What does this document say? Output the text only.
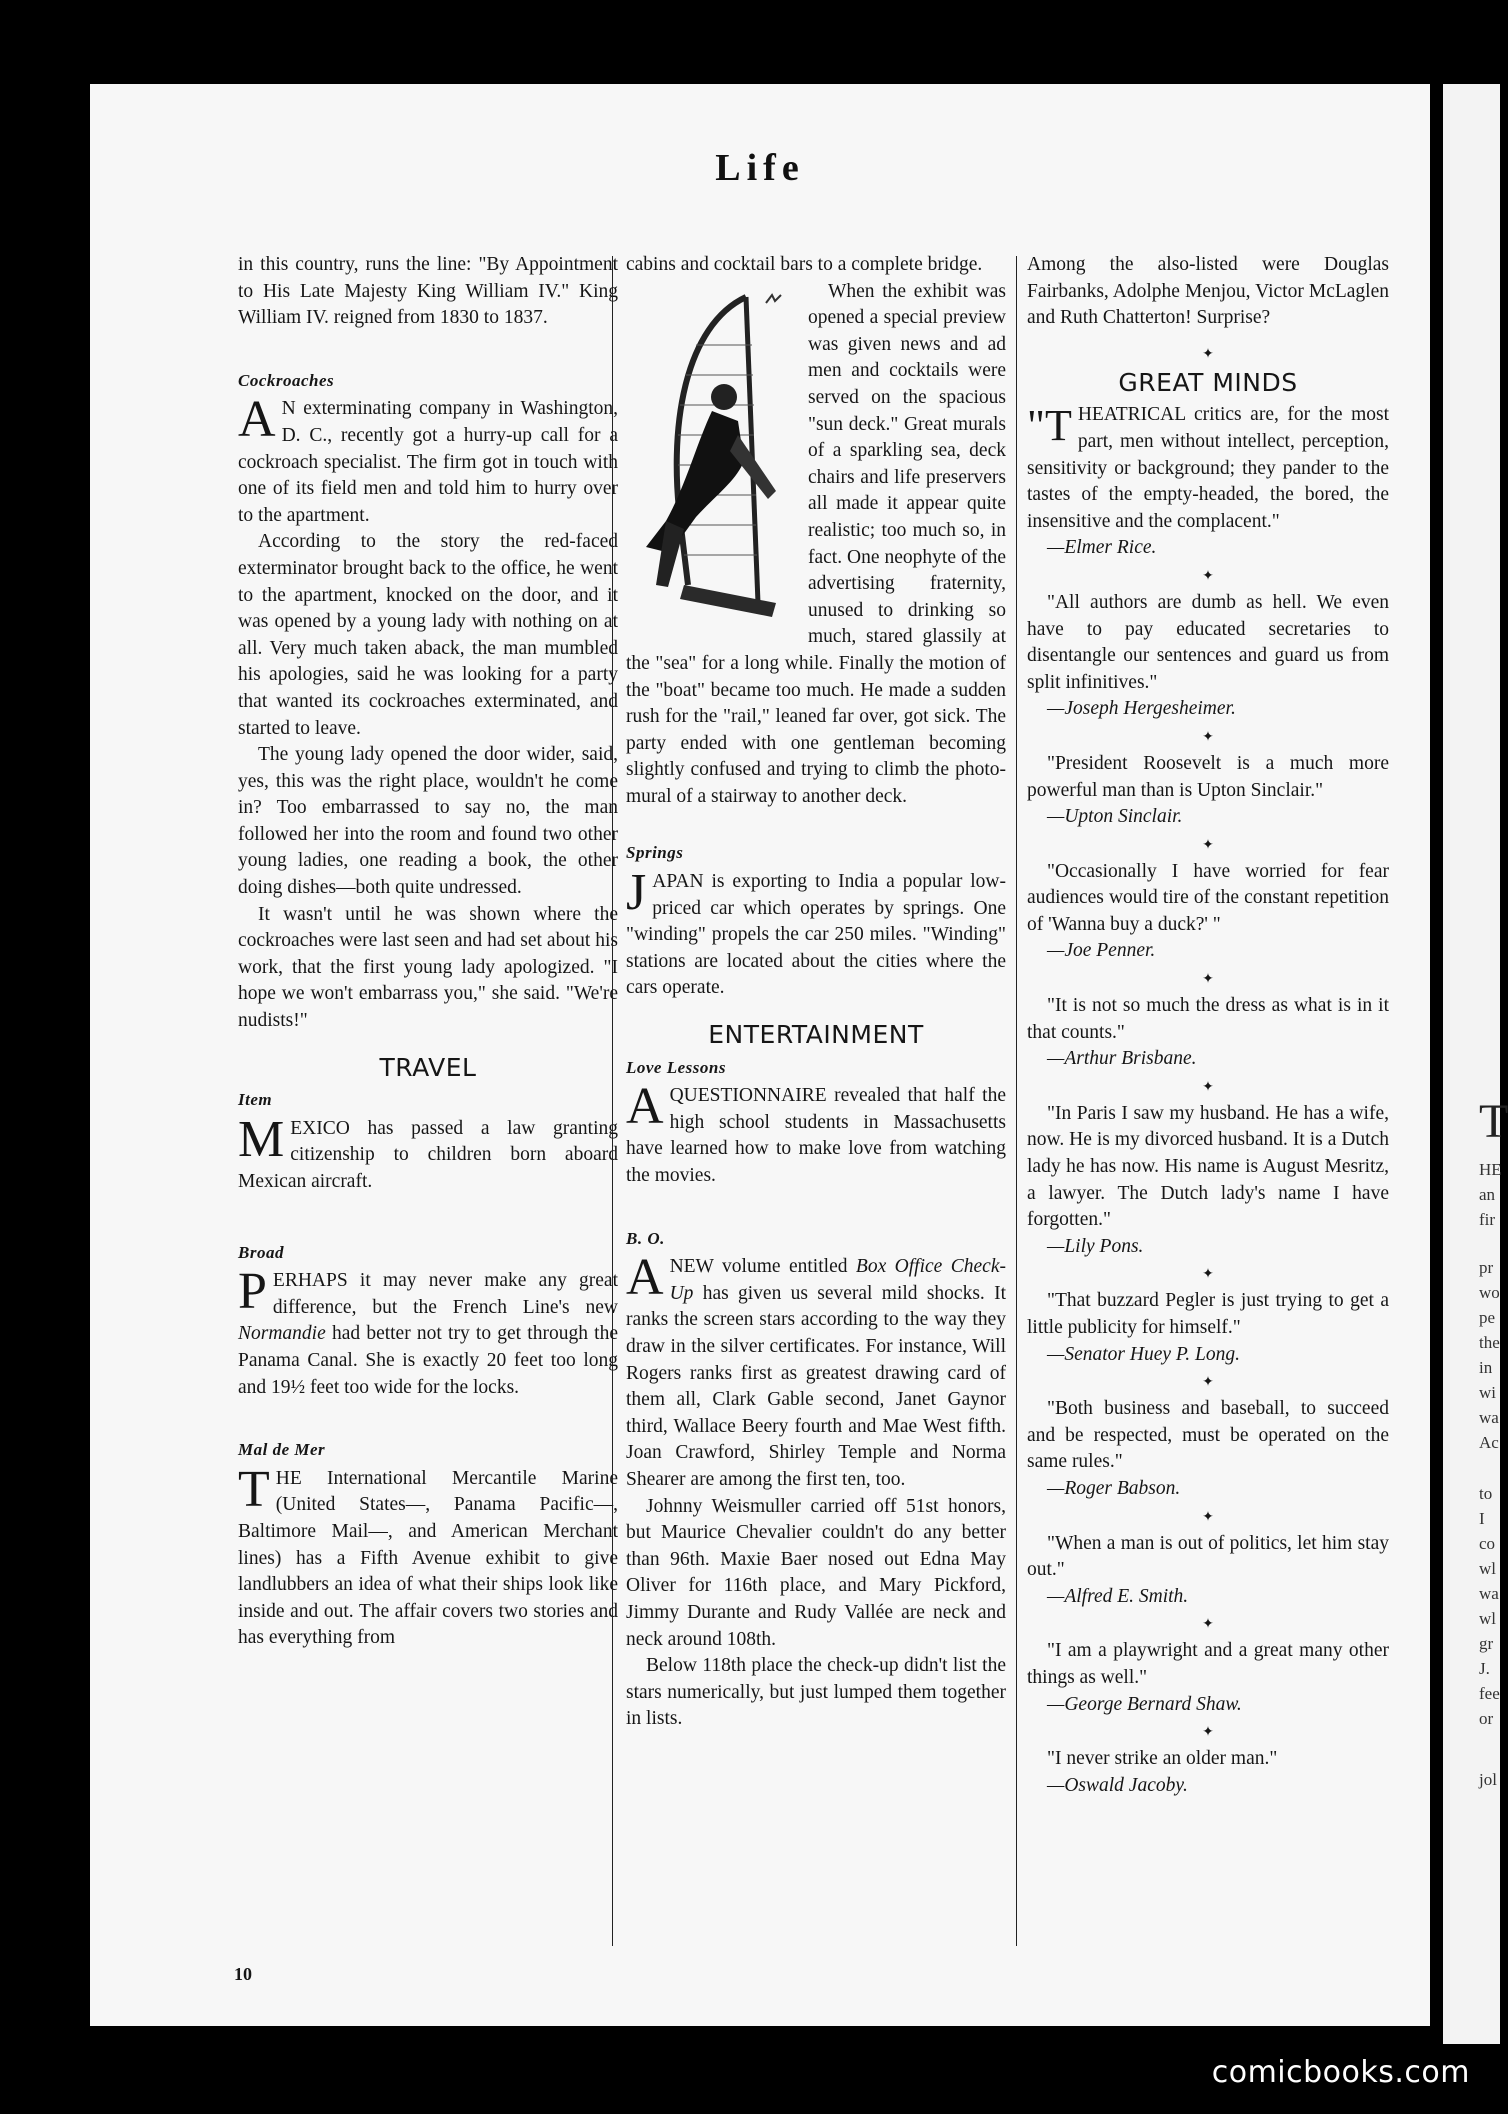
Life

in this country, runs the line: "By Appointment to His Late Majesty King William IV." King William IV. reigned from 1830 to 1837.

Cockroaches

A N exterminating company in Washington, D. C., recently got a hurry-up call for a cockroach specialist. The firm got in touch with one of its field men and told him to hurry over to the apartment.

According to the story the red-faced exterminator brought back to the office, he went to the apartment, knocked on the door, and it was opened by a young lady with nothing on at all. Very much taken aback, the man mumbled his apologies, said he was looking for a party that wanted its cockroaches exterminated, and started to leave.

The young lady opened the door wider, said, yes, this was the right place, wouldn't he come in? Too embarrassed to say no, the man followed her into the room and found two other young ladies, one reading a book, the other doing dishes—both quite undressed.

It wasn't until he was shown where the cockroaches were last seen and had set about his work, that the first young lady apologized. "I hope we won't embarrass you," she said. "We're nudists!"

TRAVEL
Item

MEXICO has passed a law granting citizenship to children born aboard Mexican aircraft.

Broad

PERHAPS it may never make any great difference, but the French Line's new Normandie had better not try to get through the Panama Canal. She is exactly 20 feet too long and 19½ feet too wide for the locks.

Mal de Mer

THE International Mercantile Marine (United States—, Panama Pacific—, Baltimore Mail—, and American Merchant lines) has a Fifth Avenue exhibit to give landlubbers an idea of what their ships look like inside and out. The affair covers two stories and has everything from

cabins and cocktail bars to a complete bridge.

When the exhibit was opened a special preview was given news and ad men and cocktails were served on the spacious "sun deck." Great murals of a sparkling sea, deck chairs and life preservers all made it appear quite realistic; too much so, in fact. One neophyte of the advertising fraternity, unused to drinking so much, stared glassily at the "sea" for a long while. Finally the motion of the "boat" became too much. He made a sudden rush for the "rail," leaned far over, got sick. The party ended with one gentleman becoming slightly confused and trying to climb the photo-mural of a stairway to another deck.

Springs

JAPAN is exporting to India a popular low-priced car which operates by springs. One "winding" propels the car 250 miles. "Winding" stations are located about the cities where the cars operate.

ENTERTAINMENT
Love Lessons

AQUESTIONNAIRE revealed that half the high school students in Massachusetts have learned how to make love from watching the movies.

B. O.

ANEW volume entitled Box Office Check-Up has given us several mild shocks. It ranks the screen stars according to the way they draw in the silver certificates. For instance, Will Rogers ranks first as greatest drawing card of them all, Clark Gable second, Janet Gaynor third, Wallace Beery fourth and Mae West fifth. Joan Crawford, Shirley Temple and Norma Shearer are among the first ten, too.

Johnny Weismuller carried off 51st honors, but Maurice Chevalier couldn't do any better than 96th. Maxie Baer nosed out Edna May Oliver for 116th place, and Mary Pickford, Jimmy Durante and Rudy Vallée are neck and neck around 108th.

Below 118th place the check-up didn't list the stars numerically, but just lumped them together in lists.

Among the also-listed were Douglas Fairbanks, Adolphe Menjou, Victor McLaglen and Ruth Chatterton! Surprise?

✦
GREAT MINDS

"THEATRICAL critics are, for the most part, men without intellect, perception, sensitivity or background; they pander to the tastes of the empty-headed, the bored, the insensitive and the complacent."

—Elmer Rice.

✦

"All authors are dumb as hell. We even have to pay educated secretaries to disentangle our sentences and guard us from split infinitives."

—Joseph Hergesheimer.

✦

"President Roosevelt is a much more powerful man than is Upton Sinclair."

—Upton Sinclair.

✦

"Occasionally I have worried for fear audiences would tire of the constant repetition of 'Wanna buy a duck?' "

—Joe Penner.

✦

"It is not so much the dress as what is in it that counts."

—Arthur Brisbane.

✦

"In Paris I saw my husband. He has a wife, now. He is my divorced husband. It is a Dutch lady he has now. His name is August Mesritz, a lawyer. The Dutch lady's name I have forgotten."

—Lily Pons.

✦

"That buzzard Pegler is just trying to get a little publicity for himself."

—Senator Huey P. Long.

✦

"Both business and baseball, to succeed and be respected, must be operated on the same rules."

—Roger Babson.

✦

"When a man is out of politics, let him stay out."

—Alfred E. Smith.

✦

"I am a playwright and a great many other things as well."

—George Bernard Shaw.

✦

"I never strike an older man."

—Oswald Jacoby.

10
T
HE
an
fir
pr
wo
pe
the
in
wi
wa
Ac
to
I
co
wl
wa
wl
gr
J.
fee
or
jol
comicbooks.com
